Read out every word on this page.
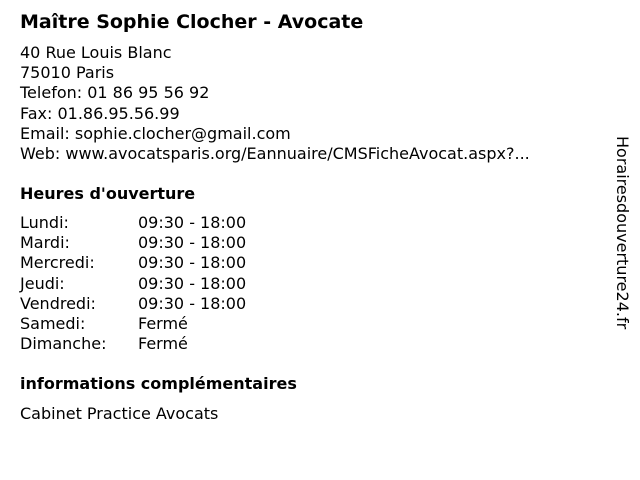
Maître Sophie Clocher - Avocate
40 Rue Louis Blanc
75010 Paris
Telefon: 01 86 95 56 92
Fax: 01.86.95.56.99
Email: sophie.clocher@gmail.com
Web: www.avocatsparis.org/Eannuaire/CMSFicheAvocat.aspx?...
Heures d'ouverture
Lundi:	09:30 - 18:00
Mardi:	09:30 - 18:00
Mercredi:	09:30 - 18:00
Jeudi:	09:30 - 18:00
Vendredi:	09:30 - 18:00
Samedi:	Fermé
Dimanche:	Fermé
informations complémentaires
Cabinet Practice Avocats
Horairesdouverture24.fr
